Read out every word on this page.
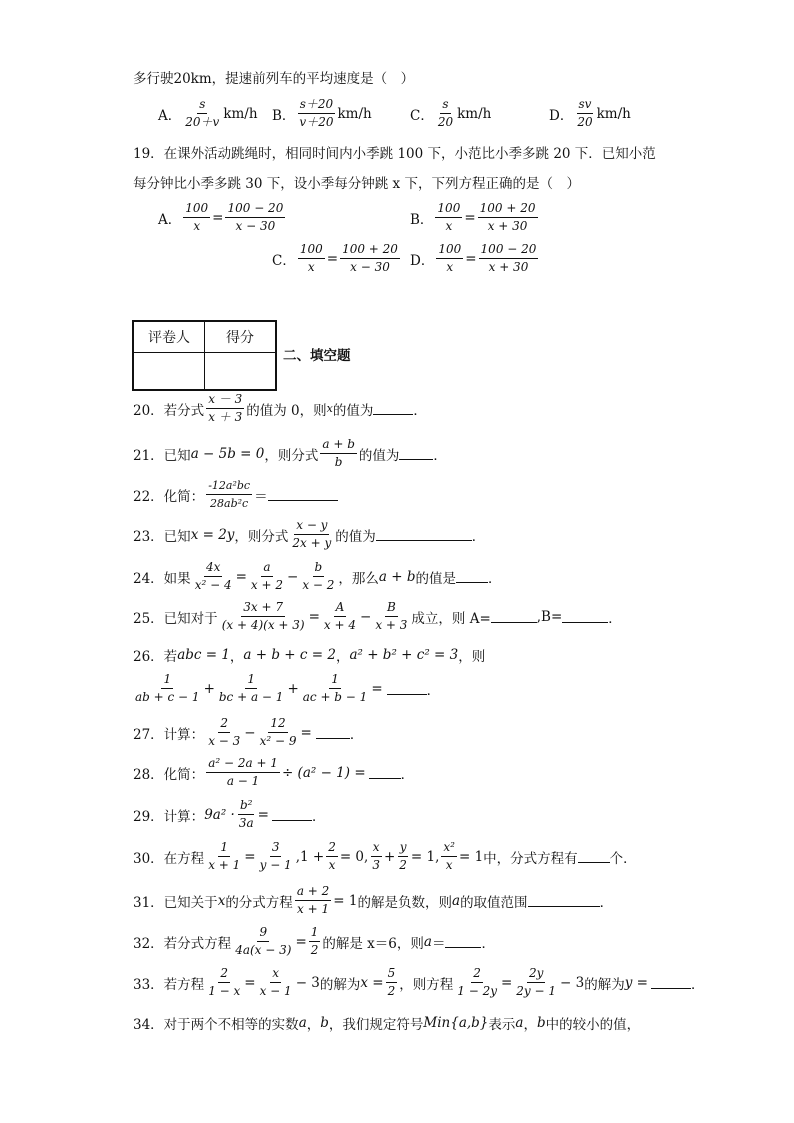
多行驶20km，提速前列车的平均速度是（　）
A． $\frac{s}{20+v} km/h$ B． $\frac{s+20}{v+20} km/h$	C． $\frac{s}{20} km/h$	D． $\frac{sv}{20} km/h$
19．在课外活动跳绳时，相同时间内小季跳 100 下，小范比小季多跳 20 下．已知小范
每分钟比小季多跳 30 下，设小季每分钟跳 x 下，下列方程正确的是（　）
A． $\frac{100}{x} = \frac{100 - 20}{x - 30}$	B． $\frac{100}{x} = \frac{100 + 20}{x + 30}$
C． $\frac{100}{x} = \frac{100 + 20}{x - 30}$ D． $\frac{100}{x} = \frac{100 - 20}{x + 30}$
评卷人	得分

二、填空题
20．若分式 $\frac{x - 3}{x + 3}$ 的值为 0，则 x 的值为	．
21．已知 a − 5b = 0 ，则分式 $\frac{a + b}{b}$ 的值为	．
22．化简： $\frac{\text{-12a²bc}}{\text{28ab²c}}$ ＝
23．已知 x = 2y ，则分式 $\frac{x - y}{2x + y}$ 的值为	．
24．如果 $\frac{4x}{\text{x² − 4}} = \frac{a}{x + 2} - \frac{b}{x - 2}$ ，那么 a + b 的值是 ．
25．已知对于 $\frac{3x + 7}{(x + 4)(x + 3)} = \frac{A}{x + 4} - \frac{B}{x + 3}$ 成立，则 A=	,B=	．
26．若 abc = 1 ， a + b + c = 2 ， a² + b² + c² = 3 ，则
$\frac{1}{ab + c - 1} + \frac{1}{bc + a - 1} + \frac{1}{ac + b - 1}$ =	．
27．计算： $\frac{2}{x - 3} - \frac{12}{\text{x² − 9}}$ =	．
28．化简： $\frac{\text{a² − 2a + 1}}{a - 1} \div (a^2 - 1)$ =	．
29．计算： $9a^2 \cdot \frac{\text{b²}}{3a}$ =	．
30．在方程 $\frac{1}{x + 1} = \frac{3}{y - 1} ,1 + \frac{2}{x} = 0$, $\frac{x}{3} + \frac{y}{2} = 1$, $\frac{\text{x²}}{x} = 1$ 中，分式方程有 个．
31．已知关于 x 的分式方程 $\frac{a + 2}{x + 1} = 1$ 的解是负数，则 a 的取值范围	．
32．若分式方程 $\frac{9}{4a(x - 3)} = \frac{1}{2}$ 的解是 x＝6，则 a ＝	．
33．若方程 $\frac{2}{1 - x} = \frac{x}{x - 1} - 3$ 的解为 $x = \frac{5}{2}$ ，则方程 $\frac{2}{1 - 2y} = \frac{2y}{2y - 1} - 3$ 的解为 y =	．
34．对于两个不相等的实数 a ， b ，我们规定符号 Min{a,b} 表示 a ， b 中的较小的值，
